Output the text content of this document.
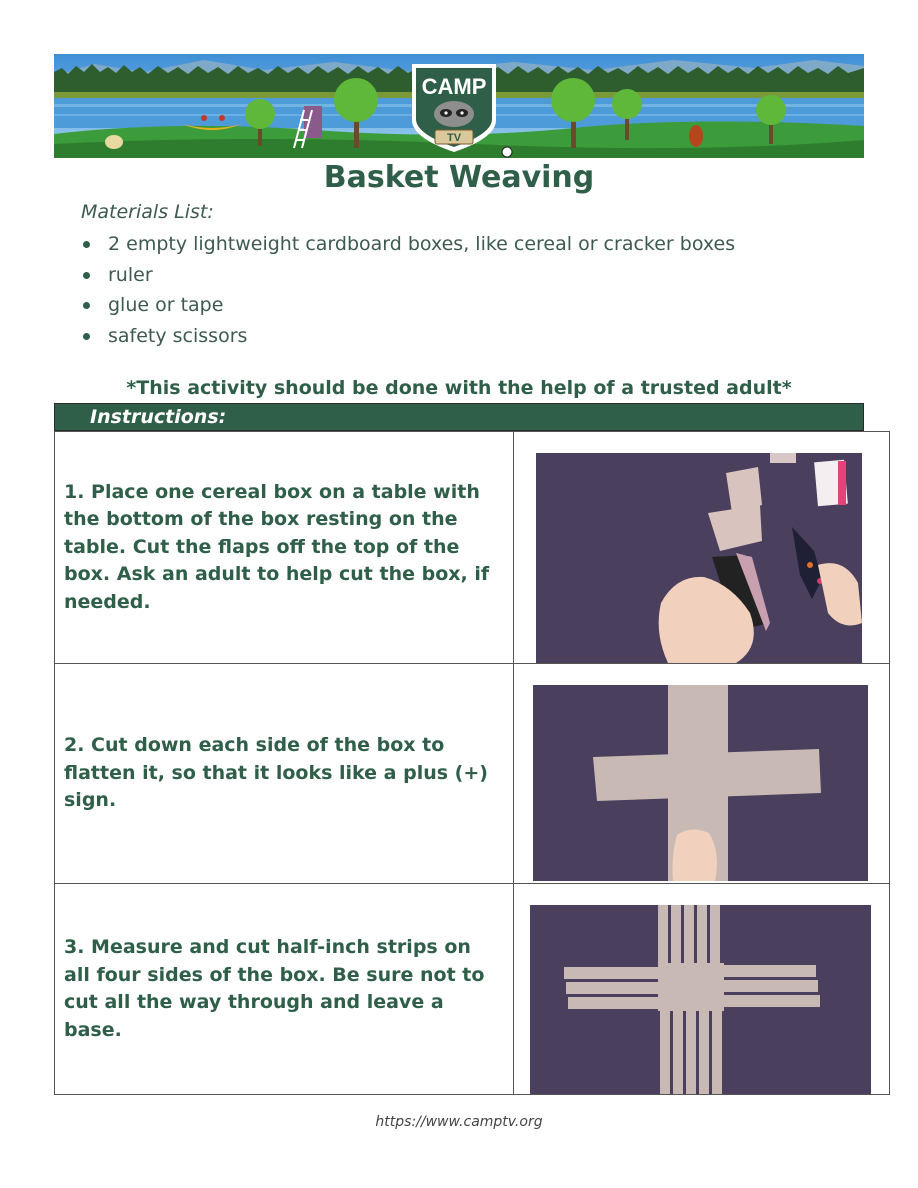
CAMP
TV
Basket Weaving
Materials List:
2 empty lightweight cardboard boxes, like cereal or cracker boxes
ruler
glue or tape
safety scissors
*This activity should be done with the help of a trusted adult*
Instructions:
1. Place one cereal box on a table with the bottom of the box resting on the table. Cut the flaps off the top of the box. Ask an adult to help cut the box, if needed.	

2. Cut down each side of the box to flatten it, so that it looks like a plus (+) sign.	

3. Measure and cut half-inch strips on all four sides of the box. Be sure not to cut all the way through and leave a base.	
https://www.camptv.org
